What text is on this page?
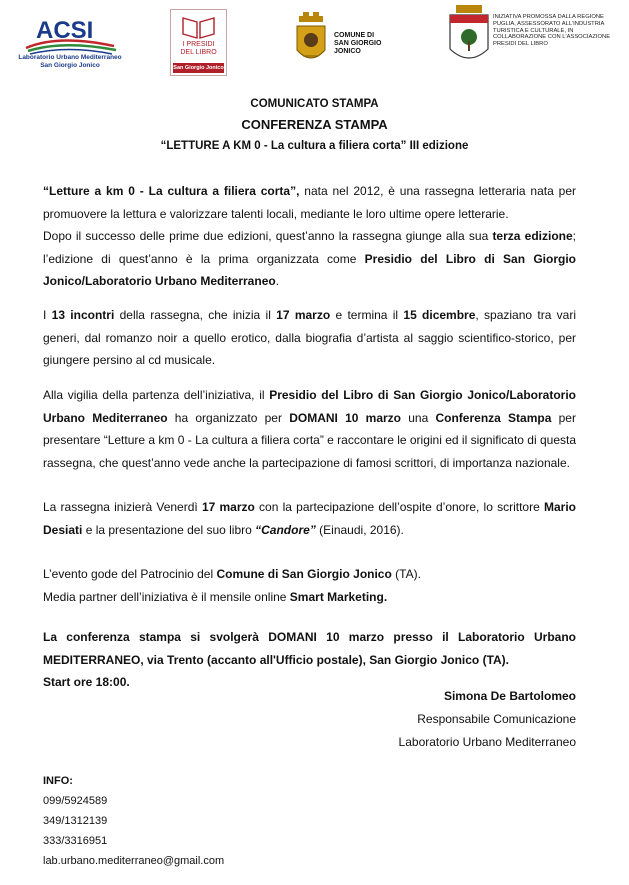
ACSI
Laboratorio Urbano Mediterraneo
San Giorgio Jonico
I PRESIDI
DEL LIBRO
San Giorgio Jonico
COMUNE DI
SAN GIORGIO
JONICO
INIZIATIVA PROMOSSA DALLA REGIONE PUGLIA, ASSESSORATO ALL'INDUSTRIA TURISTICA E CULTURALE, IN COLLABORAZIONE CON L'ASSOCIAZIONE PRESIDI DEL LIBRO
COMUNICATO STAMPA
CONFERENZA STAMPA
“LETTURE A KM 0 - La cultura a filiera corta” III edizione
“Letture a km 0 - La cultura a filiera corta”, nata nel 2012, è una rassegna letteraria nata per promuovere la lettura e valorizzare talenti locali, mediante le loro ultime opere letterarie.
Dopo il successo delle prime due edizioni, quest’anno la rassegna giunge alla sua terza edizione; l’edizione di quest’anno è la prima organizzata come Presidio del Libro di San Giorgio Jonico/Laboratorio Urbano Mediterraneo.
I 13 incontri della rassegna, che inizia il 17 marzo e termina il 15 dicembre, spaziano tra vari generi, dal romanzo noir a quello erotico, dalla biografia d’artista al saggio scientifico-storico, per giungere persino al cd musicale.
Alla vigilia della partenza dell’iniziativa, il Presidio del Libro di San Giorgio Jonico/Laboratorio Urbano Mediterraneo ha organizzato per DOMANI 10 marzo una Conferenza Stampa per presentare “Letture a km 0 - La cultura a filiera corta” e raccontare le origini ed il significato di questa rassegna, che quest’anno vede anche la partecipazione di famosi scrittori, di importanza nazionale.
La rassegna inizierà Venerdì 17 marzo con la partecipazione dell’ospite d’onore, lo scrittore Mario Desiati e la presentazione del suo libro “Candore” (Einaudi, 2016).
L’evento gode del Patrocinio del Comune di San Giorgio Jonico (TA).
Media partner dell’iniziativa è il mensile online Smart Marketing.
La conferenza stampa si svolgerà DOMANI 10 marzo presso il Laboratorio Urbano MEDITERRANEO, via Trento (accanto all'Ufficio postale), San Giorgio Jonico (TA).
Start ore 18:00.
Simona De Bartolomeo
Responsabile Comunicazione
Laboratorio Urbano Mediterraneo
INFO:
099/5924589
349/1312139
333/3316951
lab.urbano.mediterraneo@gmail.com
